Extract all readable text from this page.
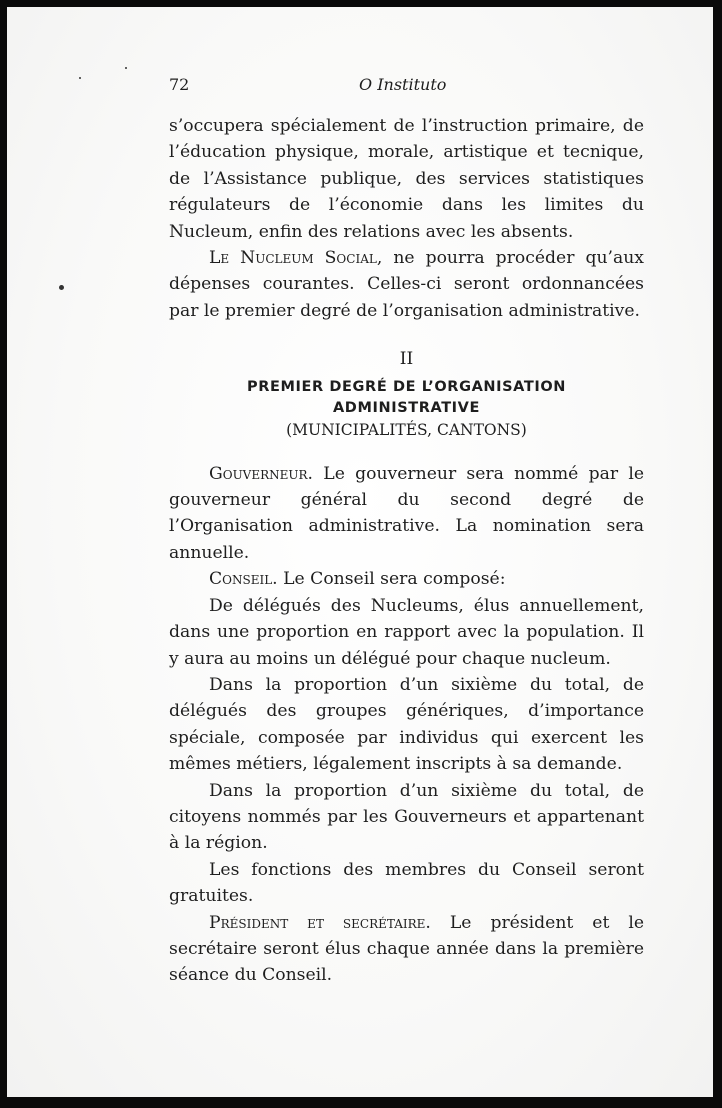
72	O Instituto

s’occupera spécialement de l’instruction primaire, de l’éducation physique, morale, artistique et tecnique, de l’Assistance publique, des services statistiques régulateurs de l’économie dans les limites du Nucleum, enfin des relations avec les absents.

Le Nucleum Social, ne pourra procéder qu’aux dépenses courantes. Celles-ci seront ordonnancées par le premier degré de l’organisation administrative.

II

PREMIER DEGRÉ DE L’ORGANISATION

ADMINISTRATIVE

(MUNICIPALITÉS, CANTONS)

Gouverneur. Le gouverneur sera nommé par le gouverneur général du second degré de l’Organisation administrative. La nomination sera annuelle.

Conseil. Le Conseil sera composé:

De délégués des Nucleums, élus annuellement, dans une proportion en rapport avec la population. Il y aura au moins un délégué pour chaque nucleum.

Dans la proportion d’un sixième du total, de délégués des groupes génériques, d’importance spéciale, composée par individus qui exercent les mêmes métiers, légalement inscripts à sa demande.

Dans la proportion d’un sixième du total, de citoyens nommés par les Gouverneurs et appartenant à la région.

Les fonctions des membres du Conseil seront gratuites.

Président et secrétaire. Le président et le secrétaire seront élus chaque année dans la première séance du Conseil.
